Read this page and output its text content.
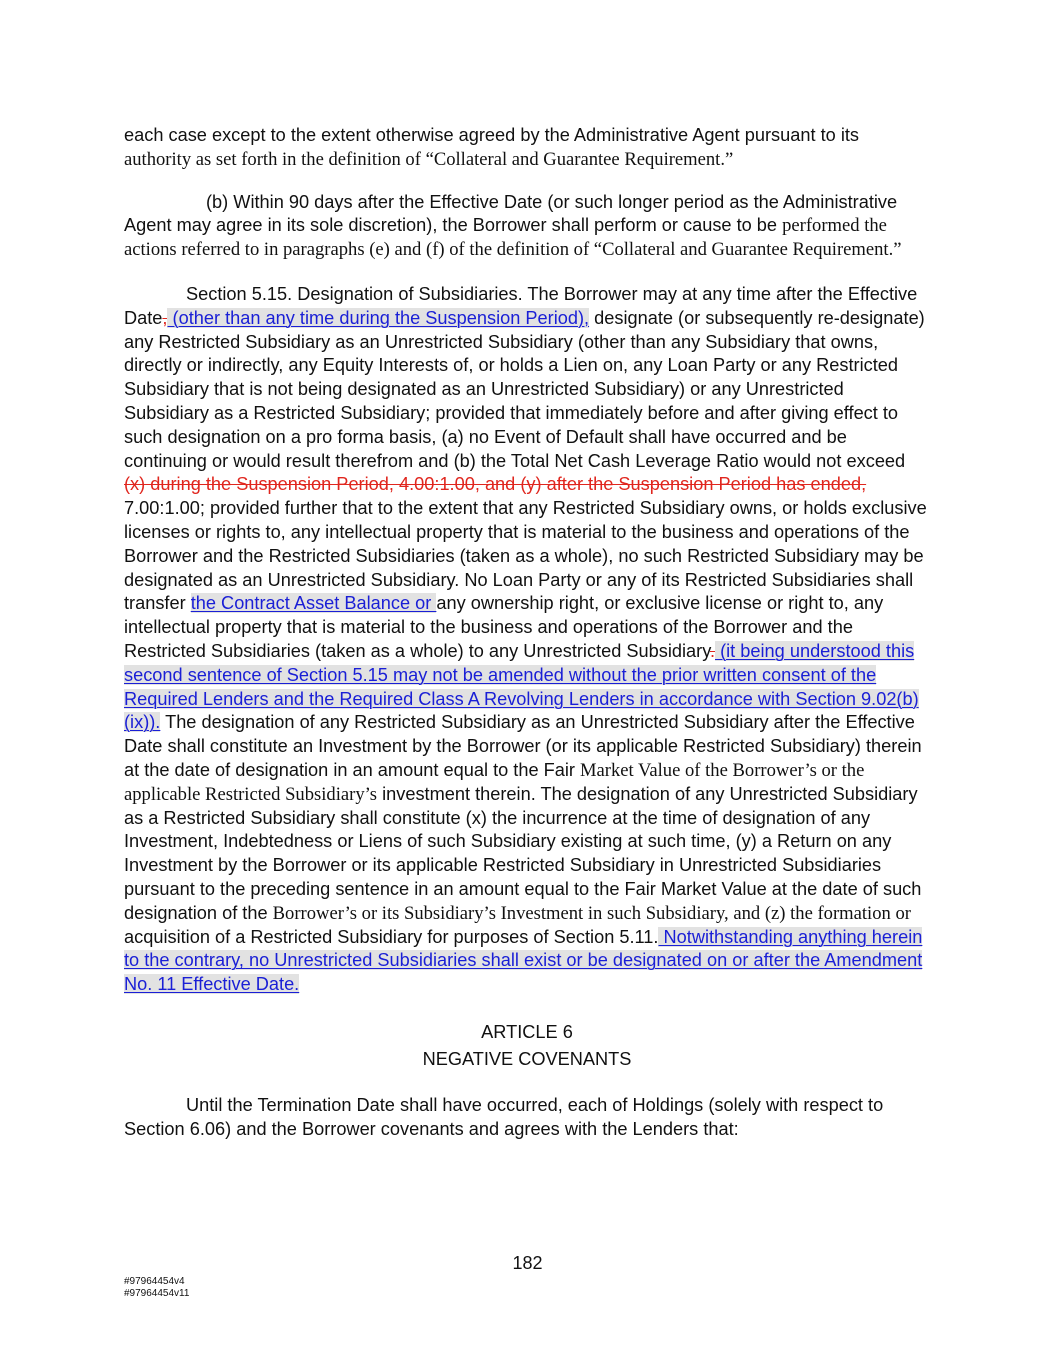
each case except to the extent otherwise agreed by the Administrative Agent pursuant to its
authority as set forth in the definition of “Collateral and Guarantee Requirement.”

(b) Within 90 days after the Effective Date (or such longer period as the Administrative Agent may agree in its sole discretion), the Borrower shall perform or cause to be performed the actions referred to in paragraphs (e) and (f) of the definition of “Collateral and Guarantee Requirement.”

Section 5.15. Designation of Subsidiaries. The Borrower may at any time after the Effective Date, (other than any time during the Suspension Period), designate (or subsequently re-designate) any Restricted Subsidiary as an Unrestricted Subsidiary (other than any Subsidiary that owns, directly or indirectly, any Equity Interests of, or holds a Lien on, any Loan Party or any Restricted Subsidiary that is not being designated as an Unrestricted Subsidiary) or any Unrestricted Subsidiary as a Restricted Subsidiary; provided that immediately before and after giving effect to such designation on a pro forma basis, (a) no Event of Default shall have occurred and be continuing or would result therefrom and (b) the Total Net Cash Leverage Ratio would not exceed (x) during the Suspension Period, 4.00:1.00, and (y) after the Suspension Period has ended, 7.00:1.00; provided further that to the extent that any Restricted Subsidiary owns, or holds exclusive licenses or rights to, any intellectual property that is material to the business and operations of the Borrower and the Restricted Subsidiaries (taken as a whole), no such Restricted Subsidiary may be designated as an Unrestricted Subsidiary. No Loan Party or any of its Restricted Subsidiaries shall transfer the Contract Asset Balance or any ownership right, or exclusive license or right to, any intellectual property that is material to the business and operations of the Borrower and the Restricted Subsidiaries (taken as a whole) to any Unrestricted Subsidiary. (it being understood this second sentence of Section 5.15 may not be amended without the prior written consent of the Required Lenders and the Required Class A Revolving Lenders in accordance with Section 9.02(b)(ix)). The designation of any Restricted Subsidiary as an Unrestricted Subsidiary after the Effective Date shall constitute an Investment by the Borrower (or its applicable Restricted Subsidiary) therein at the date of designation in an amount equal to the Fair Market Value of the Borrower’s or the applicable Restricted Subsidiary’s investment therein. The designation of any Unrestricted Subsidiary as a Restricted Subsidiary shall constitute (x) the incurrence at the time of designation of any Investment, Indebtedness or Liens of such Subsidiary existing at such time, (y) a Return on any Investment by the Borrower or its applicable Restricted Subsidiary in Unrestricted Subsidiaries pursuant to the preceding sentence in an amount equal to the Fair Market Value at the date of such designation of the Borrower’s or its Subsidiary’s Investment in such Subsidiary, and (z) the formation or acquisition of a Restricted Subsidiary for purposes of Section 5.11. Notwithstanding anything herein to the contrary, no Unrestricted Subsidiaries shall exist or be designated on or after the Amendment No. 11 Effective Date.

ARTICLE 6
NEGATIVE COVENANTS

Until the Termination Date shall have occurred, each of Holdings (solely with respect to Section 6.06) and the Borrower covenants and agrees with the Lenders that:

182
#97964454v4
#97964454v11
